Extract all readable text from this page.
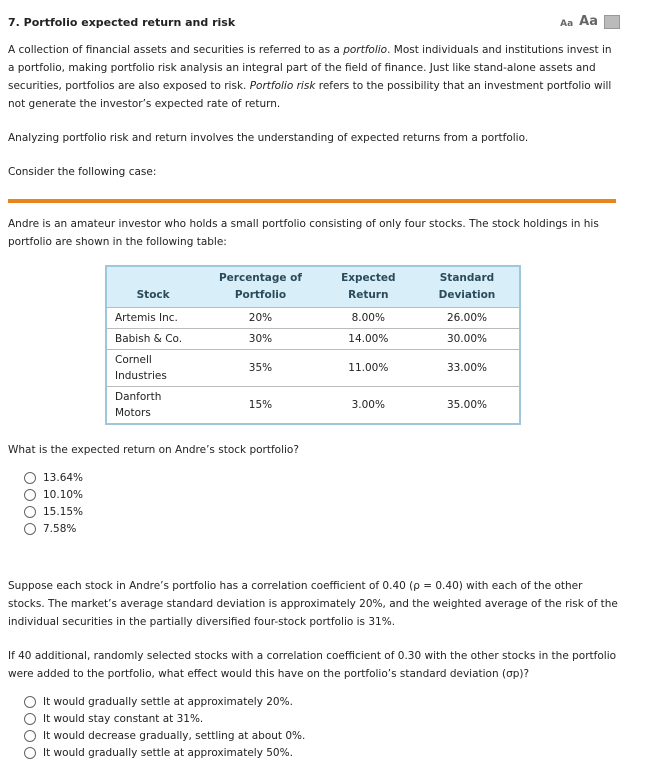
7. Portfolio expected return and risk	Aa Aa

A collection of financial assets and securities is referred to as a portfolio. Most individuals and institutions invest in a portfolio, making portfolio risk analysis an integral part of the field of finance. Just like stand-alone assets and securities, portfolios are also exposed to risk. Portfolio risk refers to the possibility that an investment portfolio will not generate the investor’s expected rate of return.

Analyzing portfolio risk and return involves the understanding of expected returns from a portfolio.

Consider the following case:

Andre is an amateur investor who holds a small portfolio consisting of only four stocks. The stock holdings in his portfolio are shown in the following table:

Stock	Percentage of Portfolio	Expected Return	Standard Deviation
Artemis Inc.	20%	8.00%	26.00%
Babish & Co.	30%	14.00%	30.00%
Cornell Industries	35%	11.00%	33.00%
Danforth Motors	15%	3.00%	35.00%

What is the expected return on Andre’s stock portfolio?

13.64%
10.10%
15.15%
7.58%

Suppose each stock in Andre’s portfolio has a correlation coefficient of 0.40 (ρ = 0.40) with each of the other stocks. The market’s average standard deviation is approximately 20%, and the weighted average of the risk of the individual securities in the partially diversified four-stock portfolio is 31%.

If 40 additional, randomly selected stocks with a correlation coefficient of 0.30 with the other stocks in the portfolio were added to the portfolio, what effect would this have on the portfolio’s standard deviation (σp)?

It would gradually settle at approximately 20%.
It would stay constant at 31%.
It would decrease gradually, settling at about 0%.
It would gradually settle at approximately 50%.
